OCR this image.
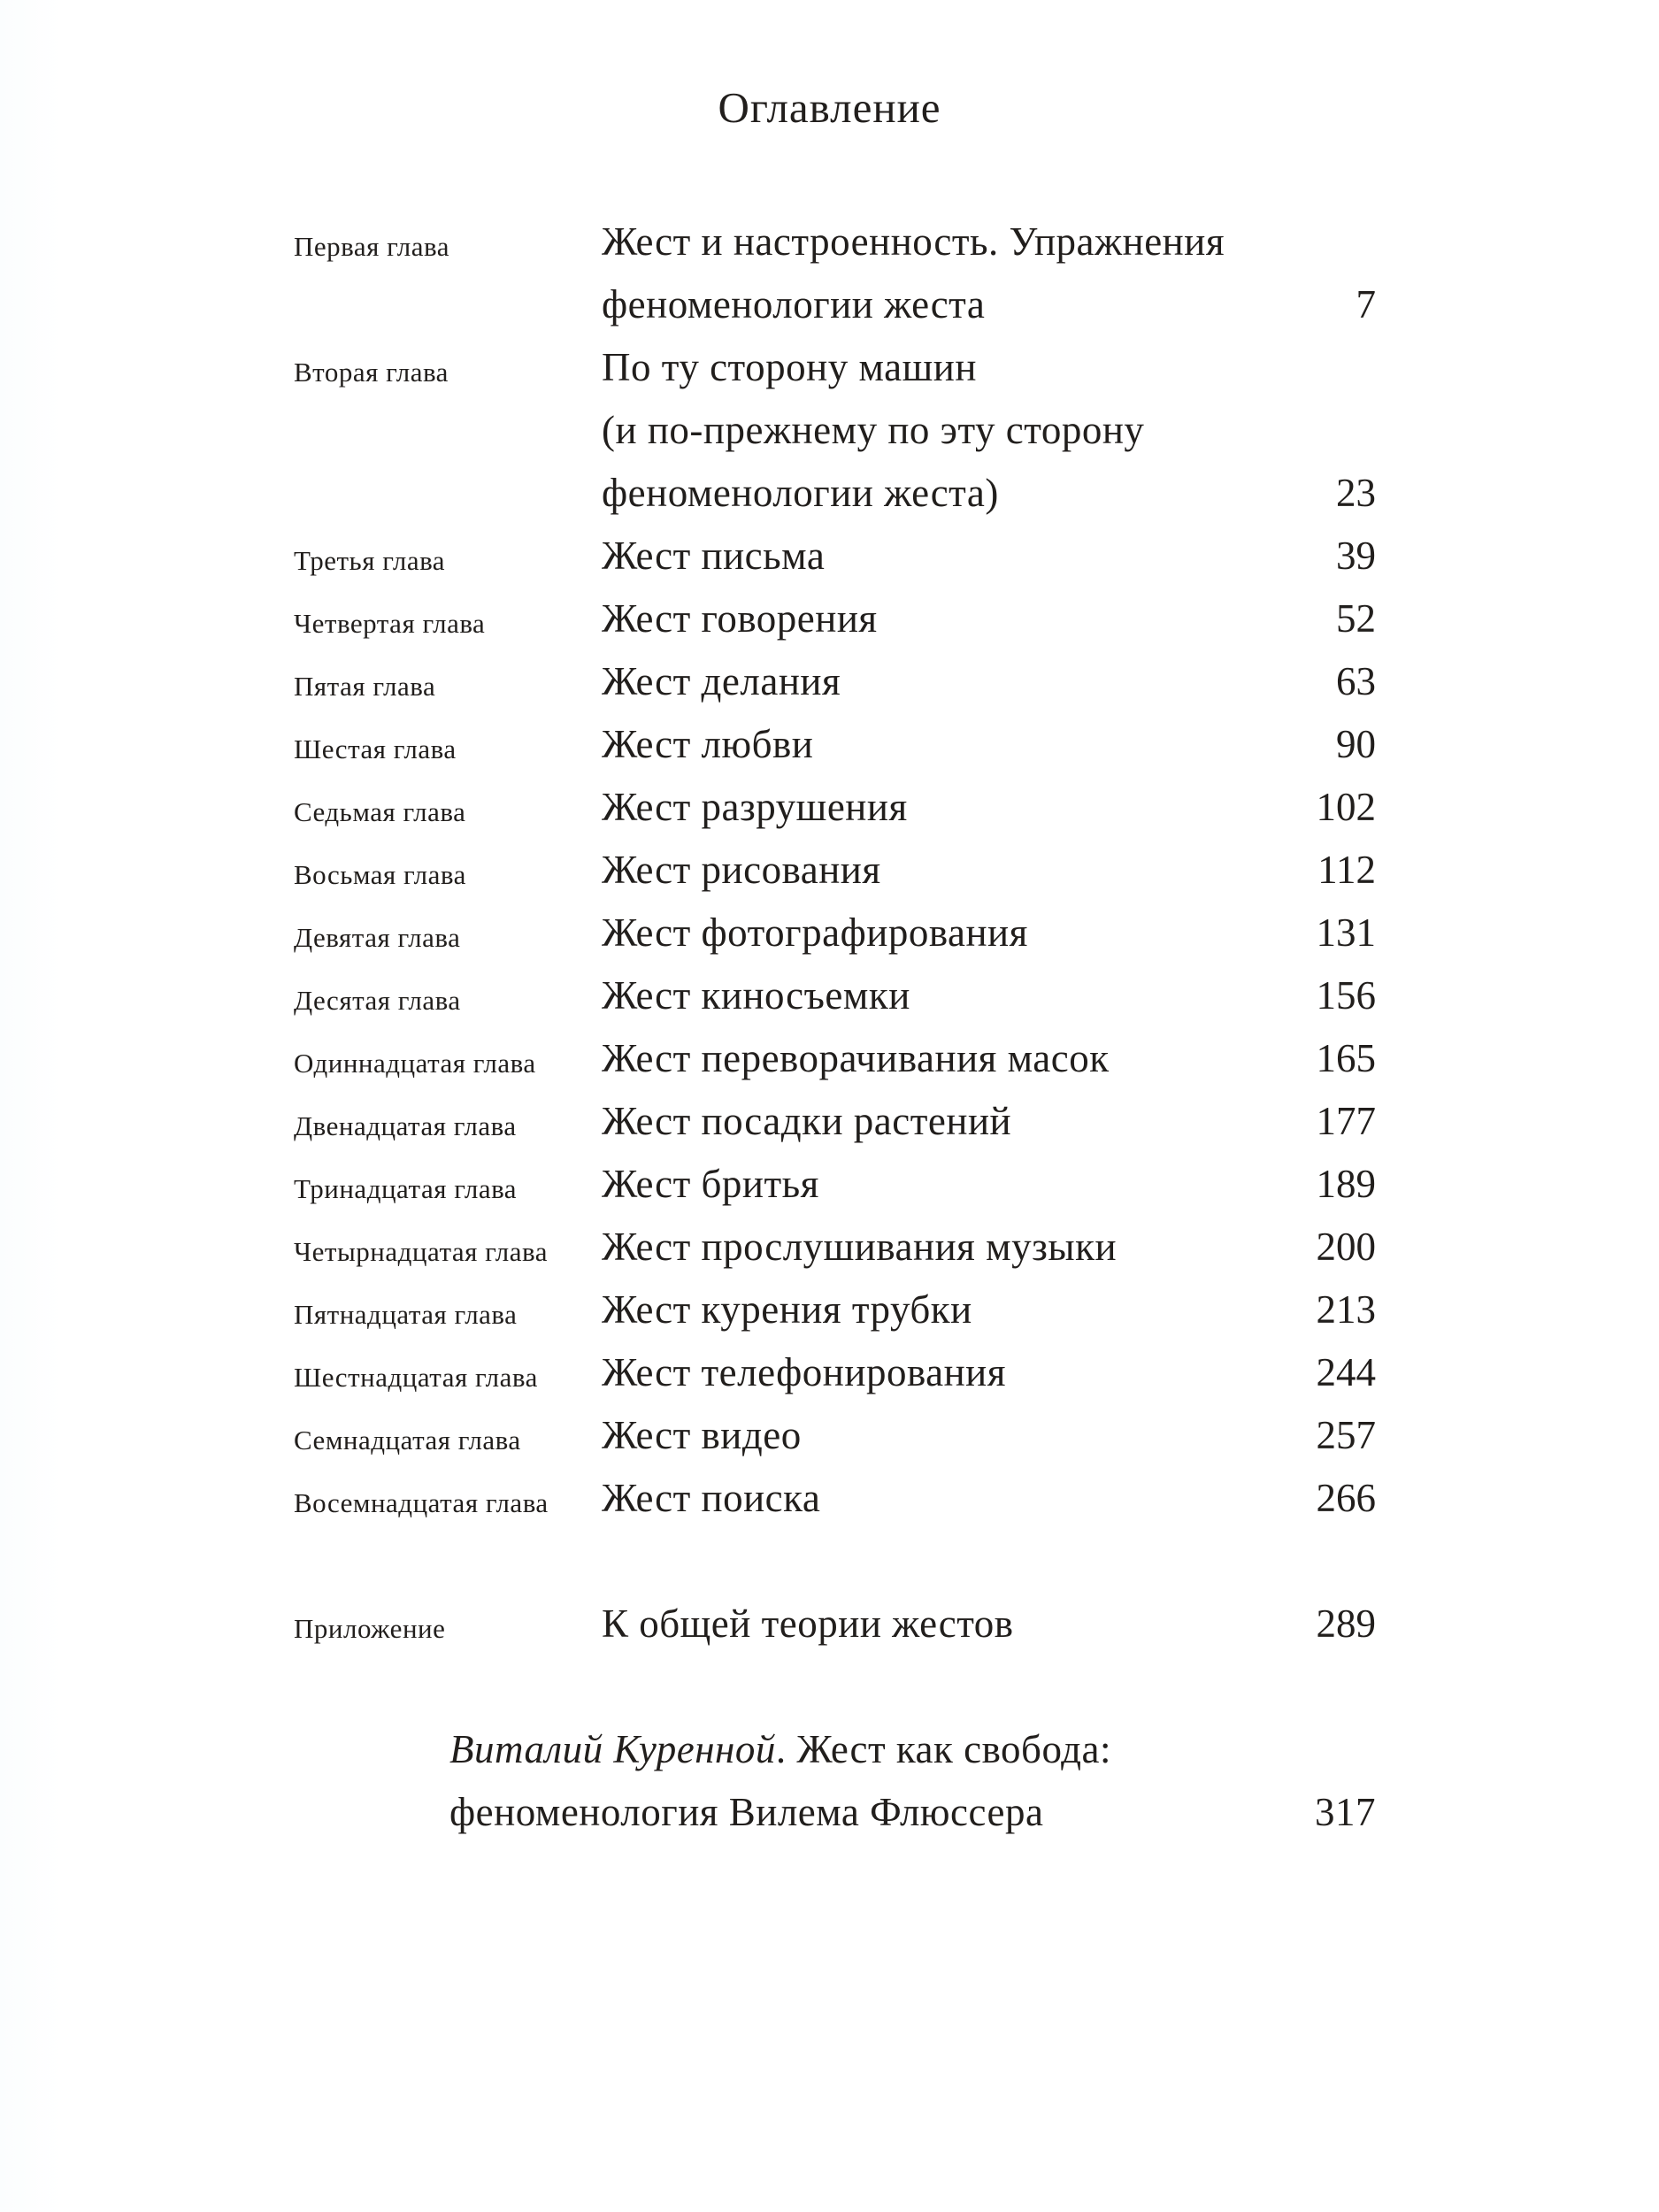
Оглавление
Первая глава	Жест и настроенность. Упражнения
феноменологии жеста	7
Вторая глава	По ту сторону машин
(и по-прежнему по эту сторону
феноменологии жеста)	23
Третья глава	Жест письма	39
Четвертая глава	Жест говорения	52
Пятая глава	Жест делания	63
Шестая глава	Жест любви	90
Седьмая глава	Жест разрушения	102
Восьмая глава	Жест рисования	112
Девятая глава	Жест фотографирования	131
Десятая глава	Жест киносъемки	156
Одиннадцатая глава	Жест переворачивания масок	165
Двенадцатая глава	Жест посадки растений	177
Тринадцатая глава	Жест бритья	189
Четырнадцатая глава	Жест прослушивания музыки	200
Пятнадцатая глава	Жест курения трубки	213
Шестнадцатая глава	Жест телефонирования	244
Семнадцатая глава	Жест видео	257
Восемнадцатая глава	Жест поиска	266
Приложение	К общей теории жестов	289
Виталий Куренной. Жест как свобода:
феноменология Вилема Флюссера	317
